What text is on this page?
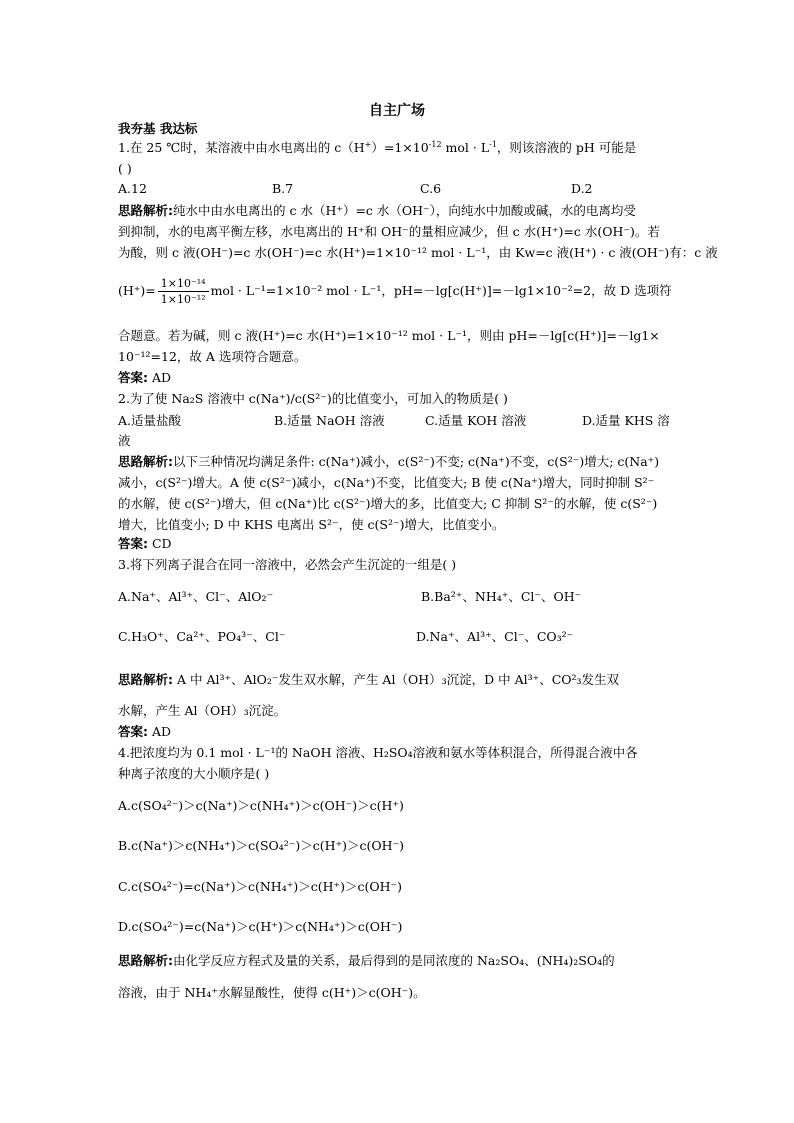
自主广场
我夯基 我达标
1.在 25 ℃时，某溶液中由水电离出的 $c(H^+)=1\times 10^{-12}$ mol · $L^{-1}$，则该溶液的 pH 可能是
( )
A.12	B.7	C.6	D.2
思路解析:纯水中由水电离出的 c 水（H⁺）=c 水（OH⁻），向纯水中加酸或碱，水的电离均受
到抑制，水的电离平衡左移，水电离出的 H⁺和 OH⁻的量相应减少，但 c 水(H⁺)=c 水(OH⁻)。若
为酸，则 c 液(OH⁻)=c 水(OH⁻)=c 水(H⁺)=1×10⁻¹² mol · L⁻¹，由 Kw=c 液(H⁺) · c 液(OH⁻)有：c 液
$(H^+)= \frac{\text{1×10⁻¹⁴}}{\text{1×10⁻¹²}}$ mol · L⁻¹=1×10⁻² mol · L⁻¹，pH=－lg[c(H⁺)]=－lg1×10⁻²=2，故 D 选项符
合题意。若为碱，则 c 液(H⁺)=c 水(H⁺)=1×10⁻¹² mol · L⁻¹，则由 pH=－lg[c(H⁺)]=－lg1×
10⁻¹²=12，故 A 选项符合题意。
答案: AD
2.为了使 Na₂S 溶液中 c(Na⁺)/c(S²⁻)的比值变小，可加入的物质是( )
A.适量盐酸	B.适量 NaOH 溶液	C.适量 KOH 溶液	D.适量 KHS 溶
液
思路解析:以下三种情况均满足条件: c(Na⁺)减小，c(S²⁻)不变; c(Na⁺)不变，c(S²⁻)增大; c(Na⁺)
减小，c(S²⁻)增大。A 使 c(S²⁻)减小，c(Na⁺)不变，比值变大; B 使 c(Na⁺)增大，同时抑制 S²⁻
的水解，使 c(S²⁻)增大，但 c(Na⁺)比 c(S²⁻)增大的多，比值变大; C 抑制 S²⁻的水解，使 c(S²⁻)
增大，比值变小; D 中 KHS 电离出 S²⁻，使 c(S²⁻)增大，比值变小。
答案: CD
3.将下列离子混合在同一溶液中，必然会产生沉淀的一组是( )
A.Na⁺、Al³⁺、Cl⁻、AlO₂⁻	B.Ba²⁺、NH₄⁺、Cl⁻、OH⁻
C.H₃O⁺、Ca²⁺、PO₄³⁻、Cl⁻	D.Na⁺、Al³⁺、Cl⁻、CO₃²⁻
思路解析: A 中 Al³⁺、AlO₂⁻发生双水解，产生 Al（OH）₃沉淀，D 中 Al³⁺、CO²₃发生双
水解，产生 Al（OH）₃沉淀。
答案: AD
4.把浓度均为 0.1 mol · L⁻¹的 NaOH 溶液、H₂SO₄溶液和氨水等体积混合，所得混合液中各
种离子浓度的大小顺序是( )
A.c(SO₄²⁻)＞c(Na⁺)＞c(NH₄⁺)＞c(OH⁻)＞c(H⁺)
B.c(Na⁺)＞c(NH₄⁺)＞c(SO₄²⁻)＞c(H⁺)＞c(OH⁻)
C.c(SO₄²⁻)=c(Na⁺)＞c(NH₄⁺)＞c(H⁺)＞c(OH⁻)
D.c(SO₄²⁻)=c(Na⁺)＞c(H⁺)＞c(NH₄⁺)＞c(OH⁻)
思路解析:由化学反应方程式及量的关系，最后得到的是同浓度的 Na₂SO₄、(NH₄)₂SO₄的
溶液，由于 NH₄⁺水解显酸性，使得 c(H⁺)＞c(OH⁻)。
